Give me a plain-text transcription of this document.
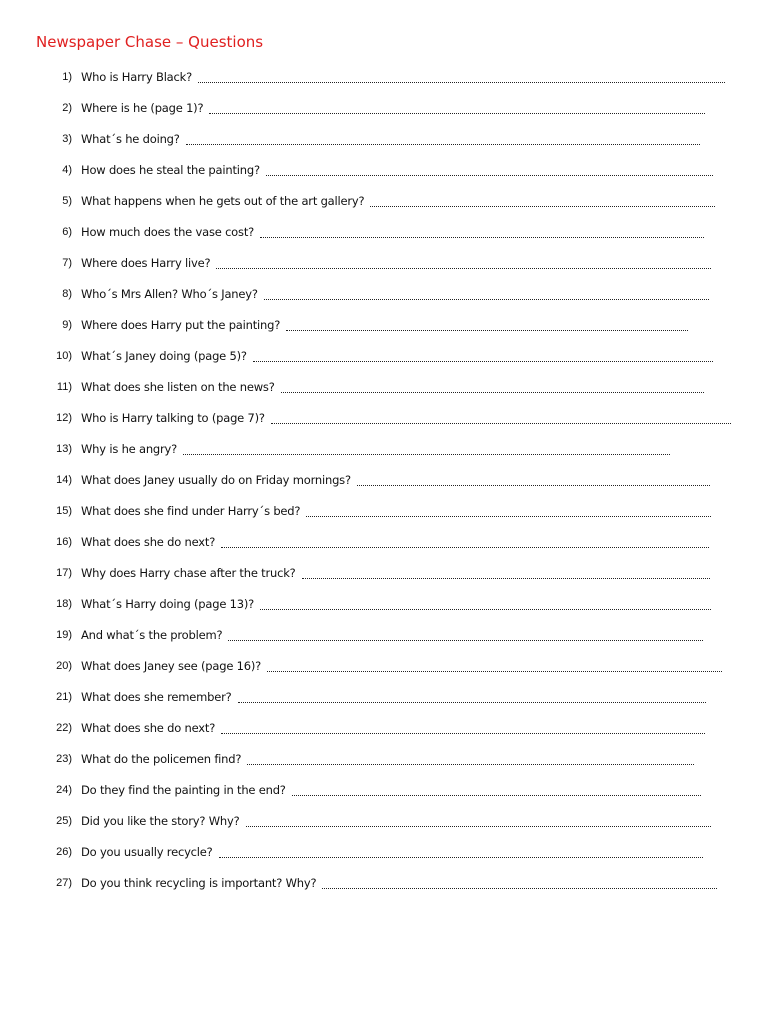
Newspaper Chase – Questions
1) Who is Harry Black?
2) Where is he (page 1)?
3) What´s he doing?
4) How does he steal the painting?
5) What happens when he gets out of the art gallery?
6) How much does the vase cost?
7) Where does Harry live?
8) Who´s Mrs Allen? Who´s Janey?
9) Where does Harry put the painting?
10) What´s Janey doing (page 5)?
11) What does she listen on the news?
12) Who is Harry talking to (page 7)?
13) Why is he angry?
14) What does Janey usually do on Friday mornings?
15) What does she find under Harry´s bed?
16) What does she do next?
17) Why does Harry chase after the truck?
18) What´s Harry doing (page 13)?
19) And what´s the problem?
20) What does Janey see (page 16)?
21) What does she remember?
22) What does she do next?
23) What do the policemen find?
24) Do they find the painting in the end?
25) Did you like the story? Why?
26) Do you usually recycle?
27) Do you think recycling is important? Why?
